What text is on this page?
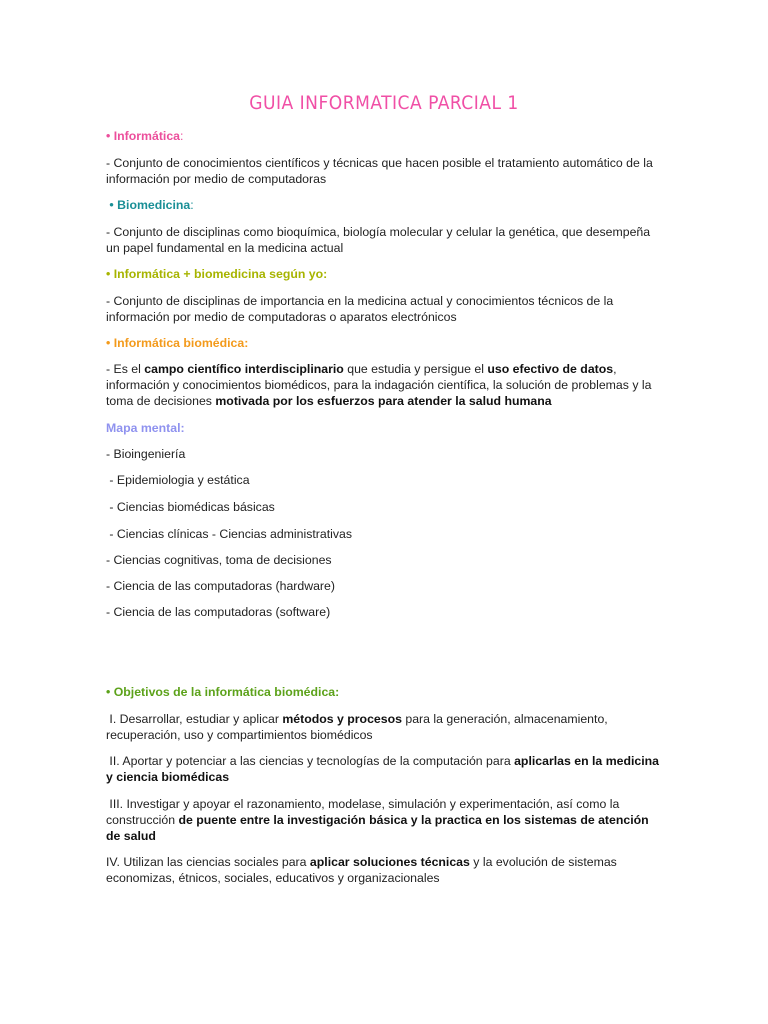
GUIA INFORMATICA PARCIAL 1
• Informática:
- Conjunto de conocimientos científicos y técnicas que hacen posible el tratamiento automático de la información por medio de computadoras
• Biomedicina:
- Conjunto de disciplinas como bioquímica, biología molecular y celular la genética, que desempeña un papel fundamental en la medicina actual
• Informática + biomedicina según yo:
- Conjunto de disciplinas de importancia en la medicina actual y conocimientos técnicos de la información por medio de computadoras o aparatos electrónicos
• Informática biomédica:
- Es el campo científico interdisciplinario que estudia y persigue el uso efectivo de datos, información y conocimientos biomédicos, para la indagación científica, la solución de problemas y la toma de decisiones motivada por los esfuerzos para atender la salud humana
Mapa mental:
- Bioingeniería
- Epidemiologia y estática
- Ciencias biomédicas básicas
- Ciencias clínicas - Ciencias administrativas
- Ciencias cognitivas, toma de decisiones
- Ciencia de las computadoras (hardware)
- Ciencia de las computadoras (software)
• Objetivos de la informática biomédica:
I. Desarrollar, estudiar y aplicar métodos y procesos para la generación, almacenamiento, recuperación, uso y compartimientos biomédicos
II. Aportar y potenciar a las ciencias y tecnologías de la computación para aplicarlas en la medicina y ciencia biomédicas
III. Investigar y apoyar el razonamiento, modelase, simulación y experimentación, así como la construcción de puente entre la investigación básica y la practica en los sistemas de atención de salud
IV. Utilizan las ciencias sociales para aplicar soluciones técnicas y la evolución de sistemas economizas, étnicos, sociales, educativos y organizacionales
